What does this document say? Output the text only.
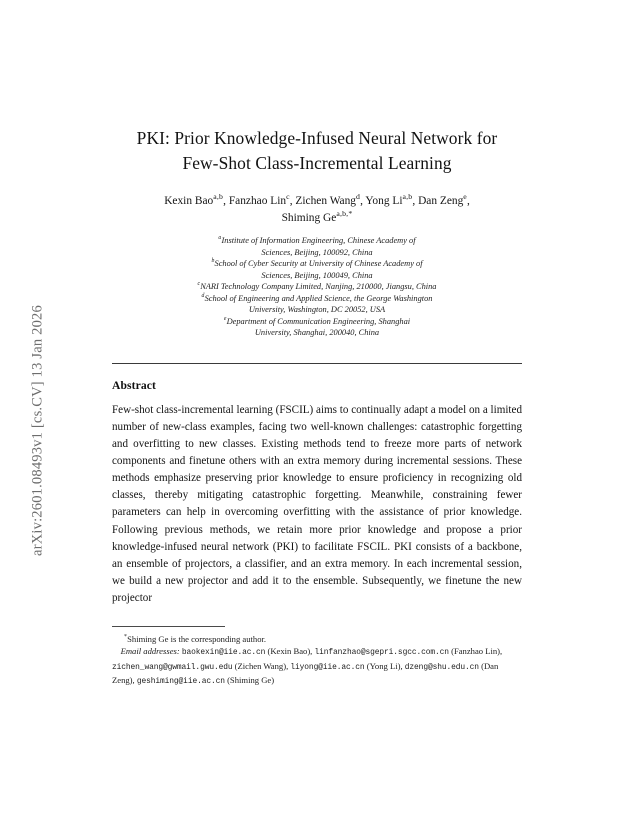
arXiv:2601.08493v1 [cs.CV] 13 Jan 2026
PKI: Prior Knowledge-Infused Neural Network for
Few-Shot Class-Incremental Learning
Kexin Bao$^{a,b}$, Fanzhao Lin$^c$, Zichen Wang$^d$, Yong Li$^{a,b}$, Dan Zeng$^e$,
Shiming $Ge^{a,b,*}$
$^a$Institute of Information Engineering, Chinese Academy of
Sciences, Beijing, 100092, China
$^b$School of Cyber Security at University of Chinese Academy of
Sciences, Beijing, 100049, China
$^c$NARI Technology Company Limited, Nanjing, 210000, Jiangsu, China
$^d$School of Engineering and Applied Science, the George Washington
University, Washington, DC 20052, USA
$^e$Department of Communication Engineering, Shanghai
University, Shanghai, 200040, China
Abstract

Few-shot class-incremental learning (FSCIL) aims to continually adapt a model on a limited number of new-class examples, facing two well-known challenges: catastrophic forgetting and overfitting to new classes. Existing methods tend to freeze more parts of network components and finetune others with an extra memory during incremental sessions. These methods emphasize preserving prior knowledge to ensure proficiency in recognizing old classes, thereby mitigating catastrophic forgetting. Meanwhile, constraining fewer parameters can help in overcoming overfitting with the assistance of prior knowledge. Following previous methods, we retain more prior knowledge and propose a prior knowledge-infused neural network (PKI) to facilitate FSCIL. PKI consists of a backbone, an ensemble of projectors, a classifier, and an extra memory. In each incremental session, we build a new projector and add it to the ensemble. Subsequently, we finetune the new projector

*Shiming Ge is the corresponding author.
 Email addresses: baokexin@iie.ac.cn (Kexin Bao), linfanzhao@sgepri.sgcc.com.cn (Fanzhao Lin), zichen_wang@gwmail.gwu.edu (Zichen Wang), liyong@iie.ac.cn (Yong Li), dzeng@shu.edu.cn (Dan Zeng), geshiming@iie.ac.cn (Shiming Ge)
